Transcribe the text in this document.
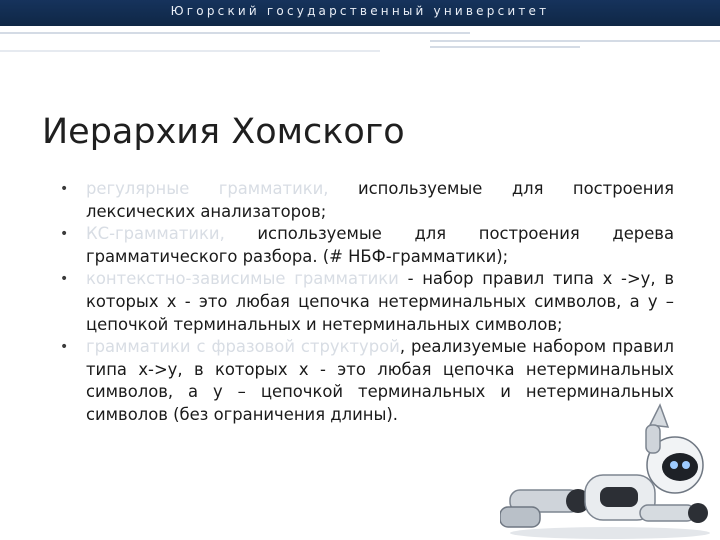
Югорский государственный университет
Иерархия Хомского
• регулярные грамматики, используемые для построения лексических анализаторов;
• КС-грамматики, используемые для построения дерева грамматического разбора. (# НБФ-грамматики);
• контекстно-зависимые грамматики - набор правил типа x ->y, в которых x - это любая цепочка нетерминальных символов, а у – цепочкой терминальных и нетерминальных символов;
• грамматики с фразовой структурой, реализуемые набором правил типа x->y, в которых x - это любая цепочка нетерминальных символов, а y – цепочкой терминальных и нетерминальных символов (без ограничения длины).
